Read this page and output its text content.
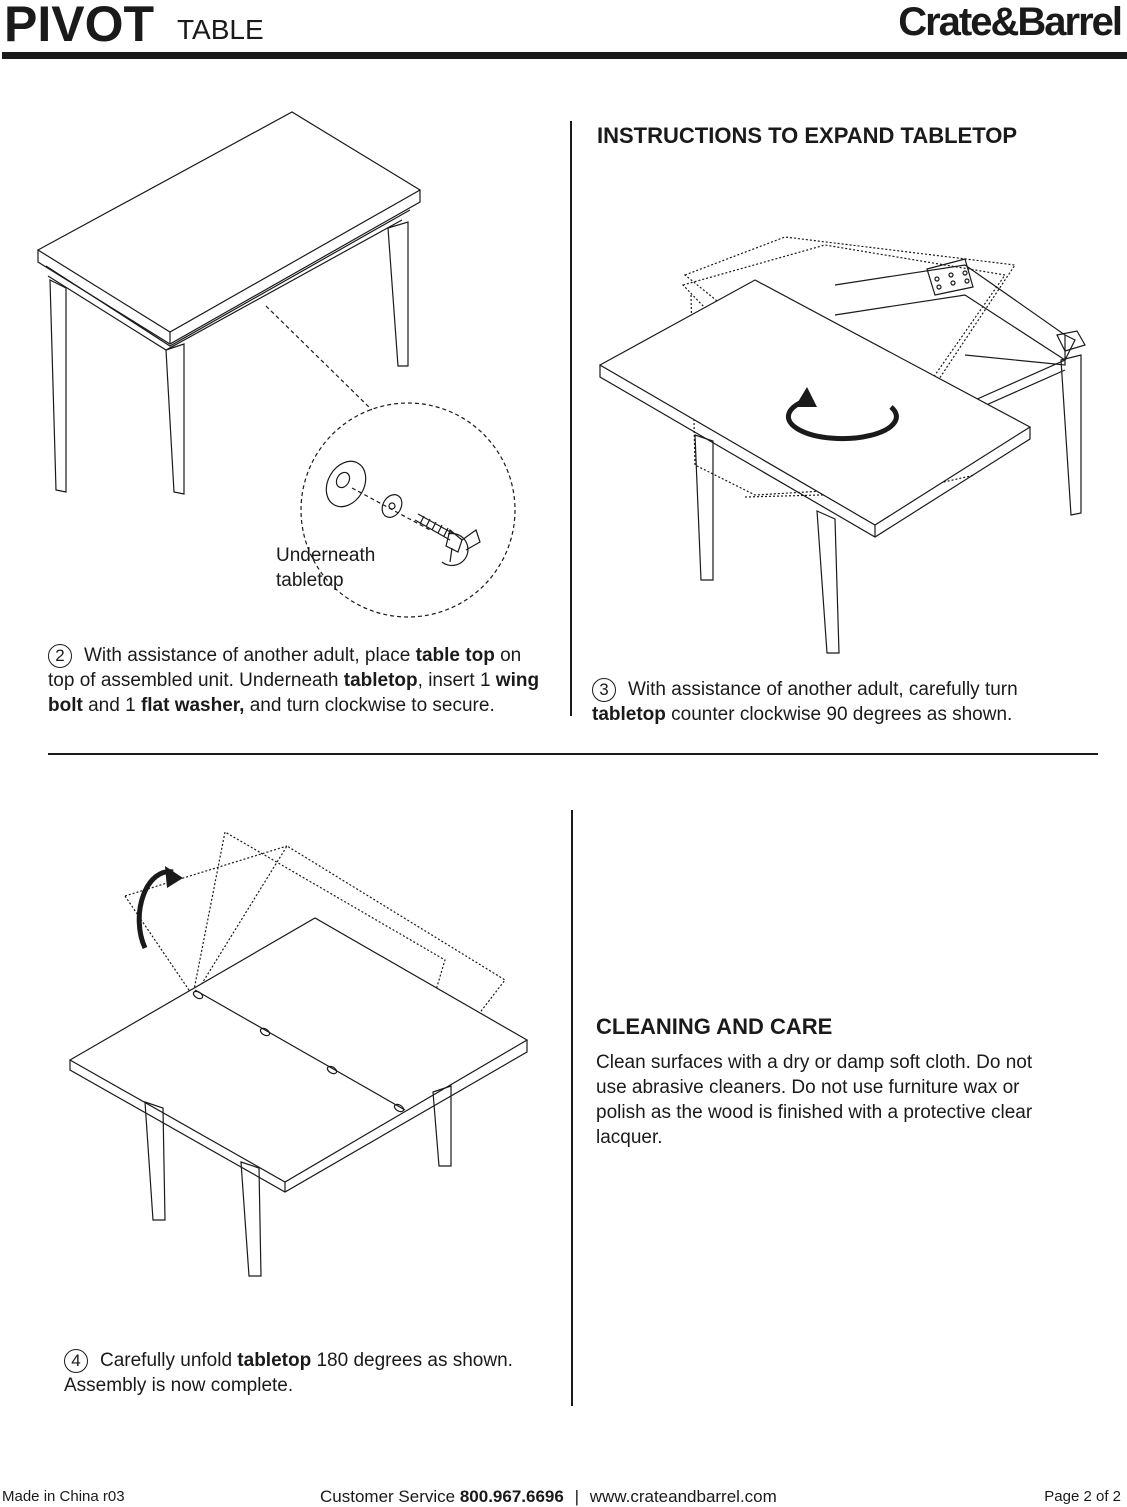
PIVOT TABLE	Crate&Barrel
Underneath
tabletop
2 With assistance of another adult, place table top on top of assembled unit. Underneath tabletop, insert 1 wing bolt and 1 flat washer, and turn clockwise to secure.
INSTRUCTIONS TO EXPAND TABLETOP
3 With assistance of another adult, carefully turn tabletop counter clockwise 90 degrees as shown.
4 Carefully unfold tabletop 180 degrees as shown. Assembly is now complete.
CLEANING AND CARE
Clean surfaces with a dry or damp soft cloth. Do not use abrasive cleaners. Do not use furniture wax or polish as the wood is finished with a protective clear lacquer.
Made in China r03	Customer Service 800.967.6696 | www.crateandbarrel.com	Page 2 of 2
